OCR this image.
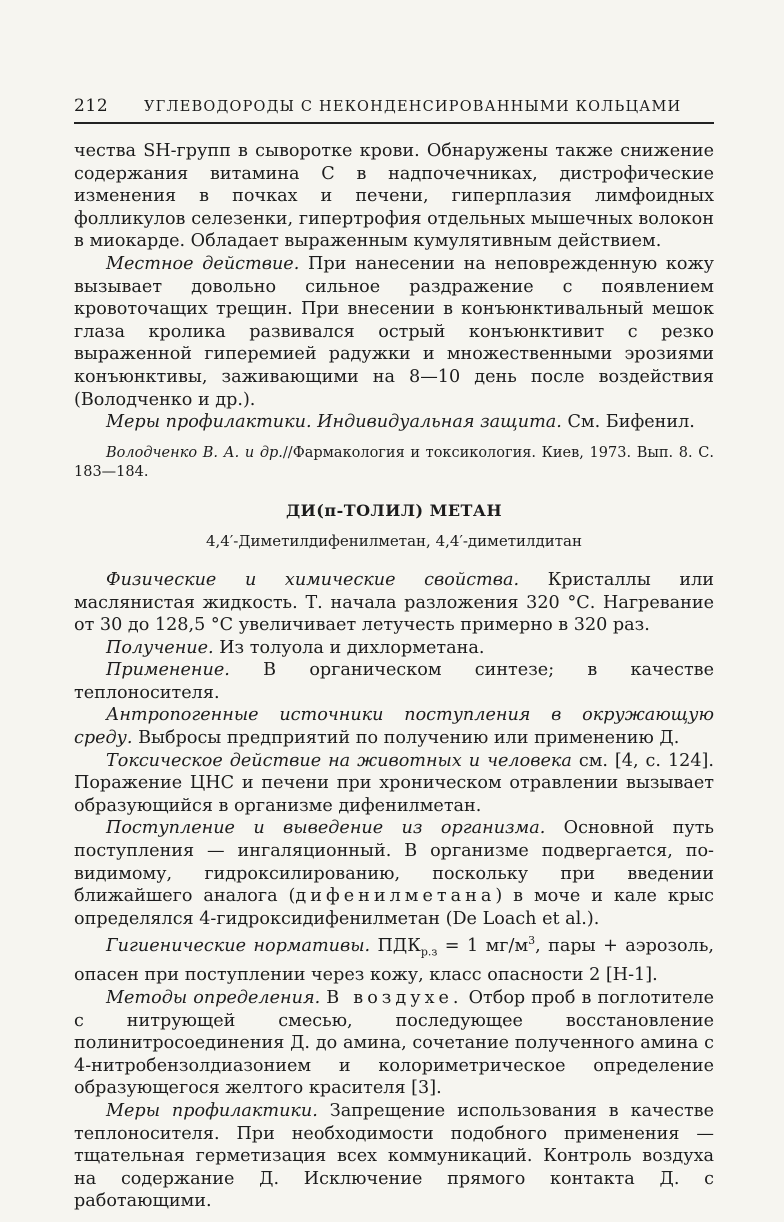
212	УГЛЕВОДОРОДЫ С НЕКОНДЕНСИРОВАННЫМИ КОЛЬЦАМИ

чества SH-групп в сыворотке крови. Обнаружены также снижение содержания витамина С в надпочечниках, дистрофические изменения в почках и печени, гиперплазия лимфоидных фолликулов селезенки, гипертрофия отдельных мышечных волокон в миокарде. Обладает выраженным кумулятивным действием.

Местное действие. При нанесении на неповрежденную кожу вызывает довольно сильное раздражение с появлением кровоточащих трещин. При внесении в конъюнктивальный мешок глаза кролика развивался острый конъюнктивит с резко выраженной гиперемией радужки и множественными эрозиями конъюнктивы, заживающими на 8—10 день после воздействия (Володченко и др.).

Меры профилактики. Индивидуальная защита. См. Бифенил.

Володченко В. А. и др.//Фармакология и токсикология. Киев, 1973. Вып. 8. С. 183—184.

ДИ(п-ТОЛИЛ) МЕТАН
4,4′-Диметилдифенилметан, 4,4′-диметилдитан

Физические и химические свойства. Кристаллы или маслянистая жидкость. Т. начала разложения 320 °С. Нагревание от 30 до 128,5 °С увеличивает летучесть примерно в 320 раз.

Получение. Из толуола и дихлорметана.

Применение. В органическом синтезе; в качестве теплоносителя.

Антропогенные источники поступления в окружающую среду. Выбросы предприятий по получению или применению Д.

Токсическое действие на животных и человека см. [4, с. 124]. Поражение ЦНС и печени при хроническом отравлении вызывает образующийся в организме дифенилметан.

Поступление и выведение из организма. Основной путь поступления — ингаляционный. В организме подвергается, по-видимому, гидроксилированию, поскольку при введении ближайшего аналога (дифенилметана) в моче и кале крыс определялся 4-гидроксидифенилметан (De Loach et al.).

Гигиенические нормативы. $ПДК_{р.з} = 1$ $мг/м^3$, пары + аэрозоль, опасен при поступлении через кожу, класс опасности 2 [Н-1].

Методы определения. В воздухе. Отбор проб в поглотителе с нитрующей смесью, последующее восстановление полинитросоединения Д. до амина, сочетание полученного амина с 4-нитробензолдиазонием и колориметрическое определение образующегося желтого красителя [3].

Меры профилактики. Запрещение использования в качестве теплоносителя. При необходимости подобного применения — тщательная герметизация всех коммуникаций. Контроль воздуха на содержание Д. Исключение прямого контакта Д. с работающими.
